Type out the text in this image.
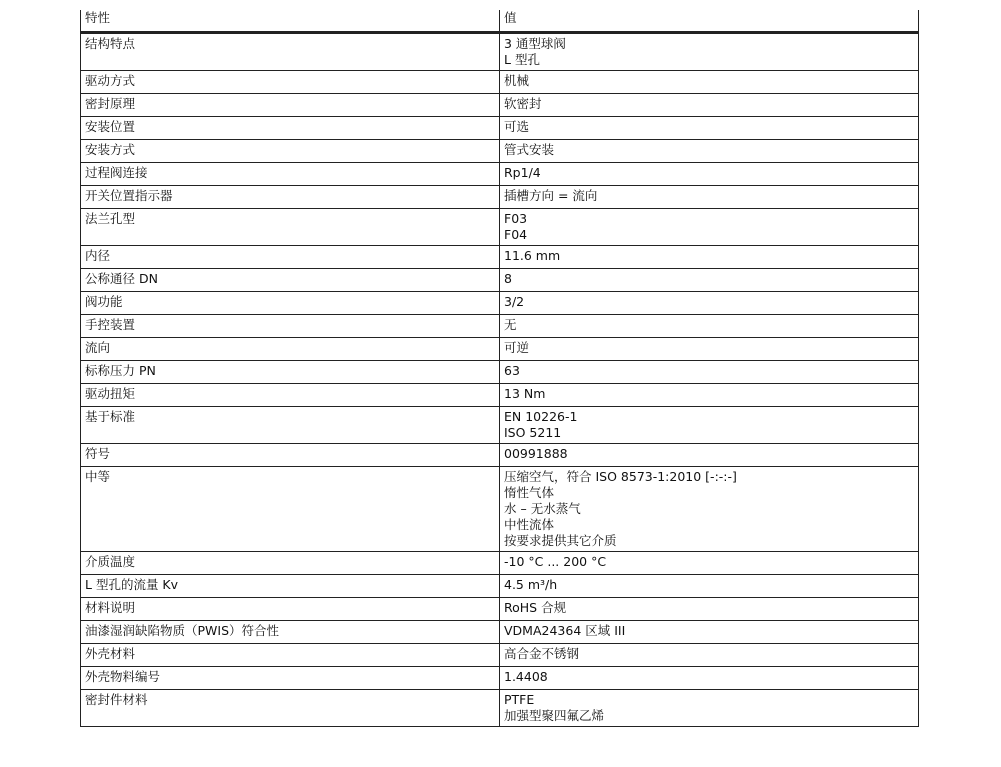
特性	值
结构特点	3 通型球阀
L 型孔

驱动方式	机械

密封原理	软密封

安装位置	可选

安装方式	管式安装

过程阀连接	Rp1/4

开关位置指示器	插槽方向 = 流向

法兰孔型	F03
F04

内径	11.6 mm

公称通径 DN	8

阀功能	3/2

手控装置	无

流向	可逆

标称压力 PN	63

驱动扭矩	13 Nm

基于标准	EN 10226-1
ISO 5211

符号	00991888

中等	压缩空气，符合 ISO 8573-1:2010 [-:-:-]
惰性气体
水 – 无水蒸气
中性流体
按要求提供其它介质

介质温度	-10 °C ... 200 °C

L 型孔的流量 Kv	4.5 m³/h

材料说明	RoHS 合规

油漆湿润缺陷物质（PWIS）符合性	VDMA24364 区域 III

外壳材料	高合金不锈钢

外壳物料编号	1.4408

密封件材料	PTFE
加强型聚四氟乙烯
